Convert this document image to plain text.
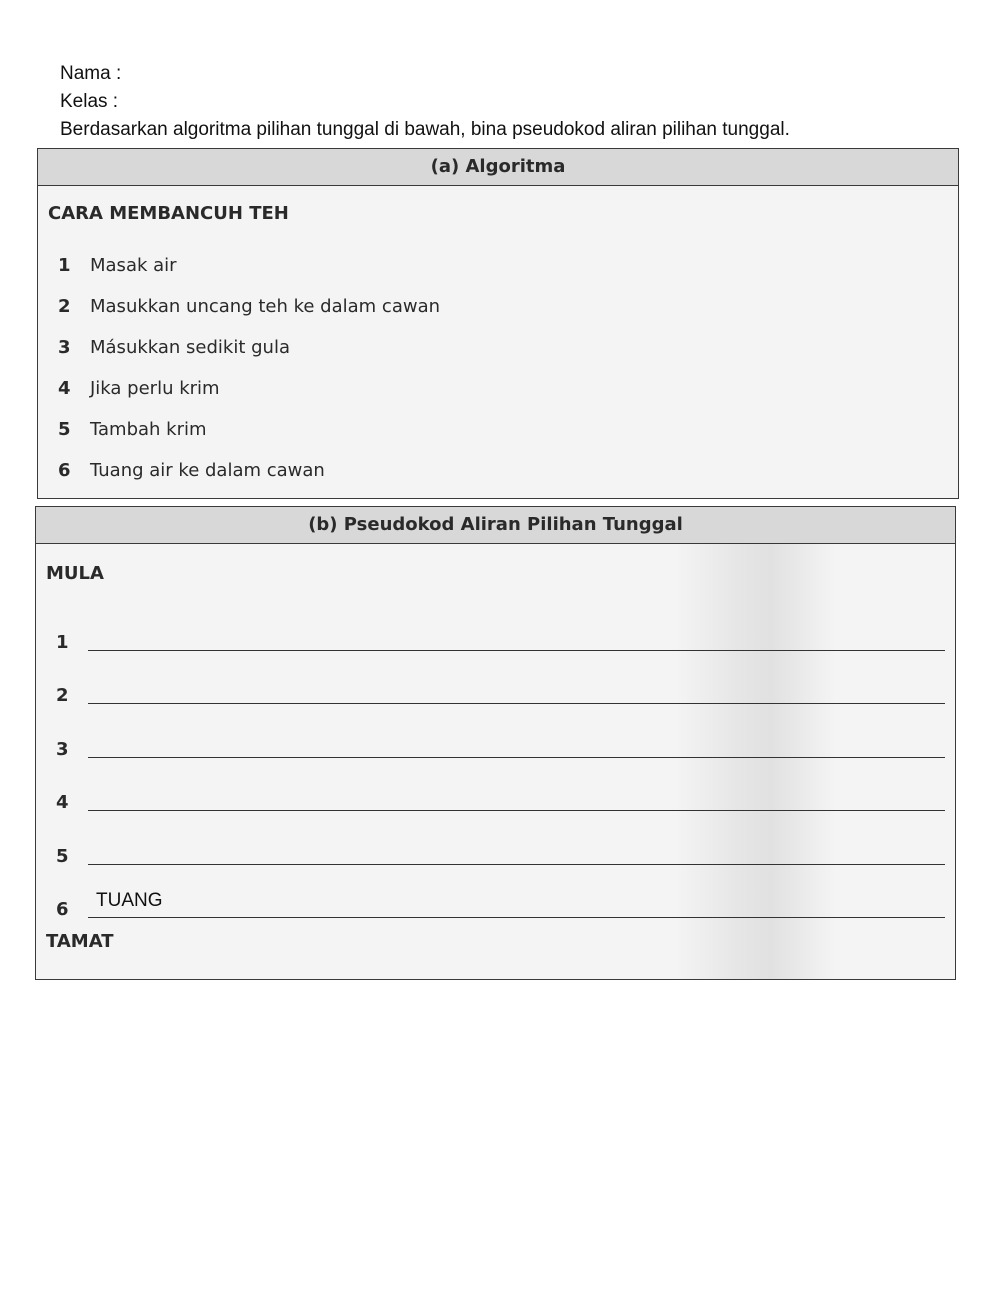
Nama :
Kelas :
Berdasarkan algoritma pilihan tunggal di bawah, bina pseudokod aliran pilihan tunggal.
(a) Algoritma
CARA MEMBANCUH TEH
1	Masak air
2	Masukkan uncang teh ke dalam cawan
3	Másukkan sedikit gula
4	Jika perlu krim
5	Tambah krim
6	Tuang air ke dalam cawan
(b) Pseudokod Aliran Pilihan Tunggal
MULA
1
2
3
4
5
6 TUANG
TAMAT
